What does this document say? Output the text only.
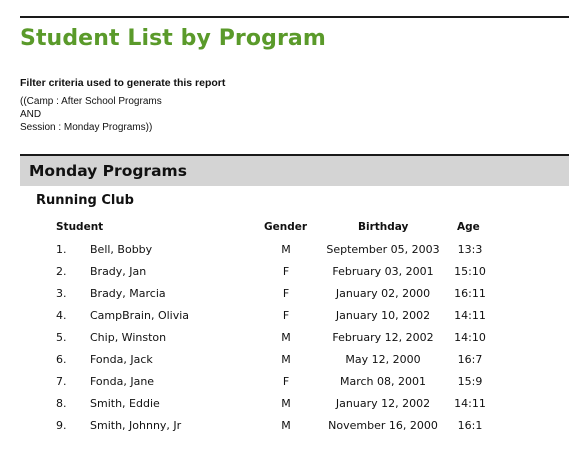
Student List by Program
Filter criteria used to generate this report
((Camp : After School Programs
AND
Session : Monday Programs))
Monday Programs
Running Club
Student	Gender	Birthday	Age
1. Bell, Bobby	M	September 05, 2003	13:3
2. Brady, Jan	F	February 03, 2001	15:10
3. Brady, Marcia	F	January 02, 2000	16:11
4. CampBrain, Olivia	F	January 10, 2002	14:11
5. Chip, Winston	M	February 12, 2002	14:10
6. Fonda, Jack	M	May 12, 2000	16:7
7. Fonda, Jane	F	March 08, 2001	15:9
8. Smith, Eddie	M	January 12, 2002	14:11
9. Smith, Johnny, Jr	M	November 16, 2000	16:1
